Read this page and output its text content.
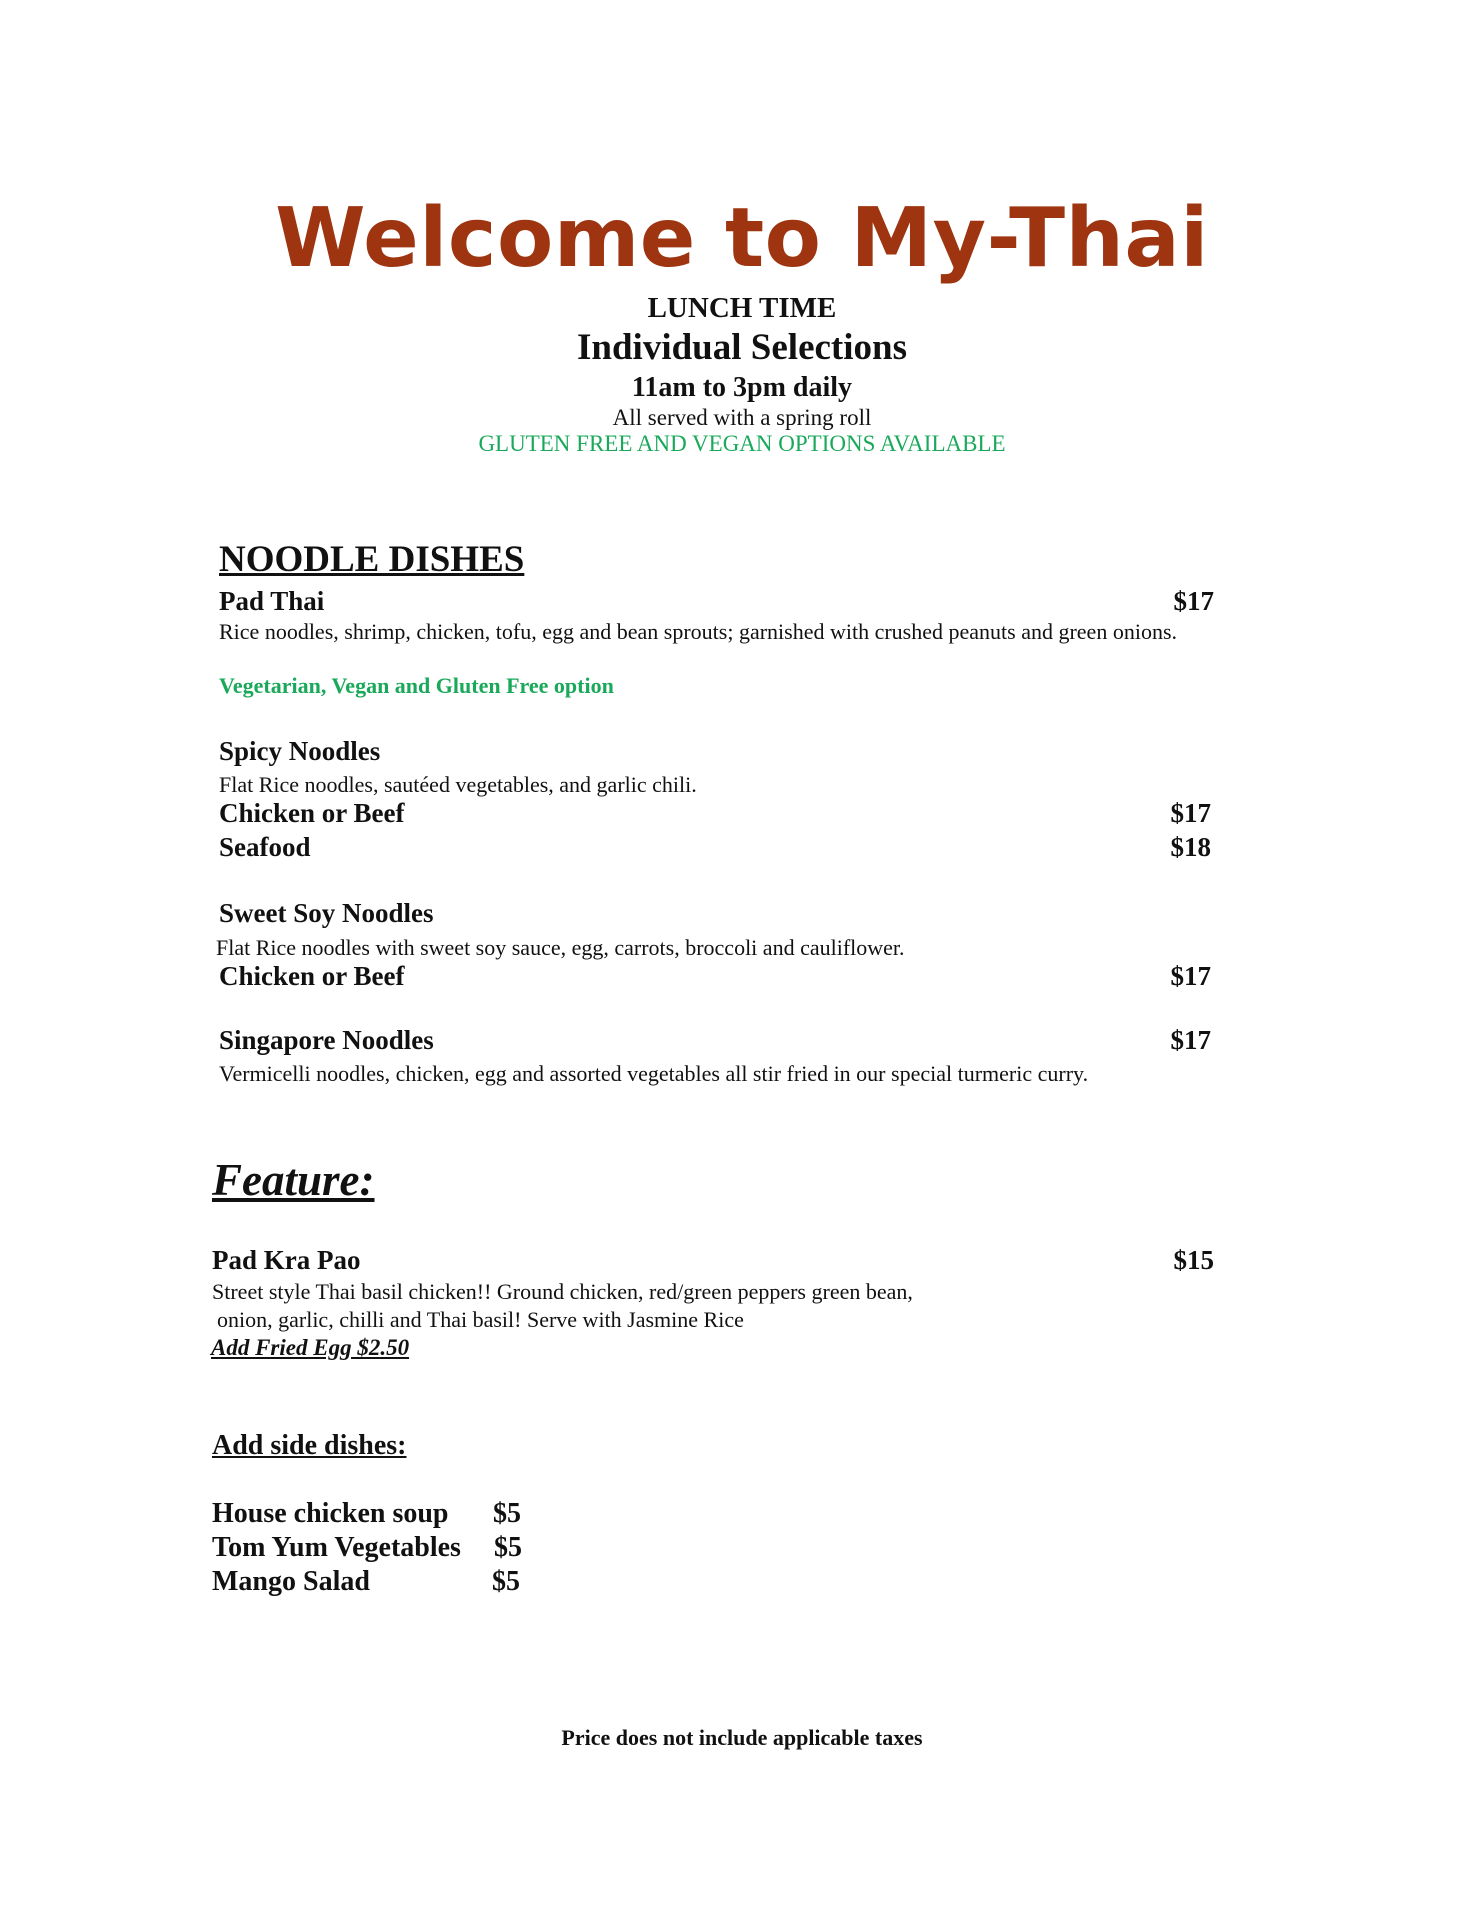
Welcome to My-Thai
LUNCH TIME
Individual Selections
11am to 3pm daily
All served with a spring roll
GLUTEN FREE AND VEGAN OPTIONS AVAILABLE
NOODLE DISHES
Pad Thai	$17
Rice noodles, shrimp, chicken, tofu, egg and bean sprouts; garnished with crushed peanuts and green onions.
Vegetarian, Vegan and Gluten Free option
Spicy Noodles
Flat Rice noodles, sautéed vegetables, and garlic chili.
Chicken or Beef	$17
Seafood	$18
Sweet Soy Noodles
Flat Rice noodles with sweet soy sauce, egg, carrots, broccoli and cauliflower.
Chicken or Beef	$17
Singapore Noodles	$17
Vermicelli noodles, chicken, egg and assorted vegetables all stir fried in our special turmeric curry.
Feature:
Pad Kra Pao	$15
Street style Thai basil chicken!! Ground chicken, red/green peppers green bean,
onion, garlic, chilli and Thai basil! Serve with Jasmine Rice
Add Fried Egg $2.50
Add side dishes:
House chicken soup $5
Tom Yum Vegetables $5
Mango Salad	$5
Price does not include applicable taxes
